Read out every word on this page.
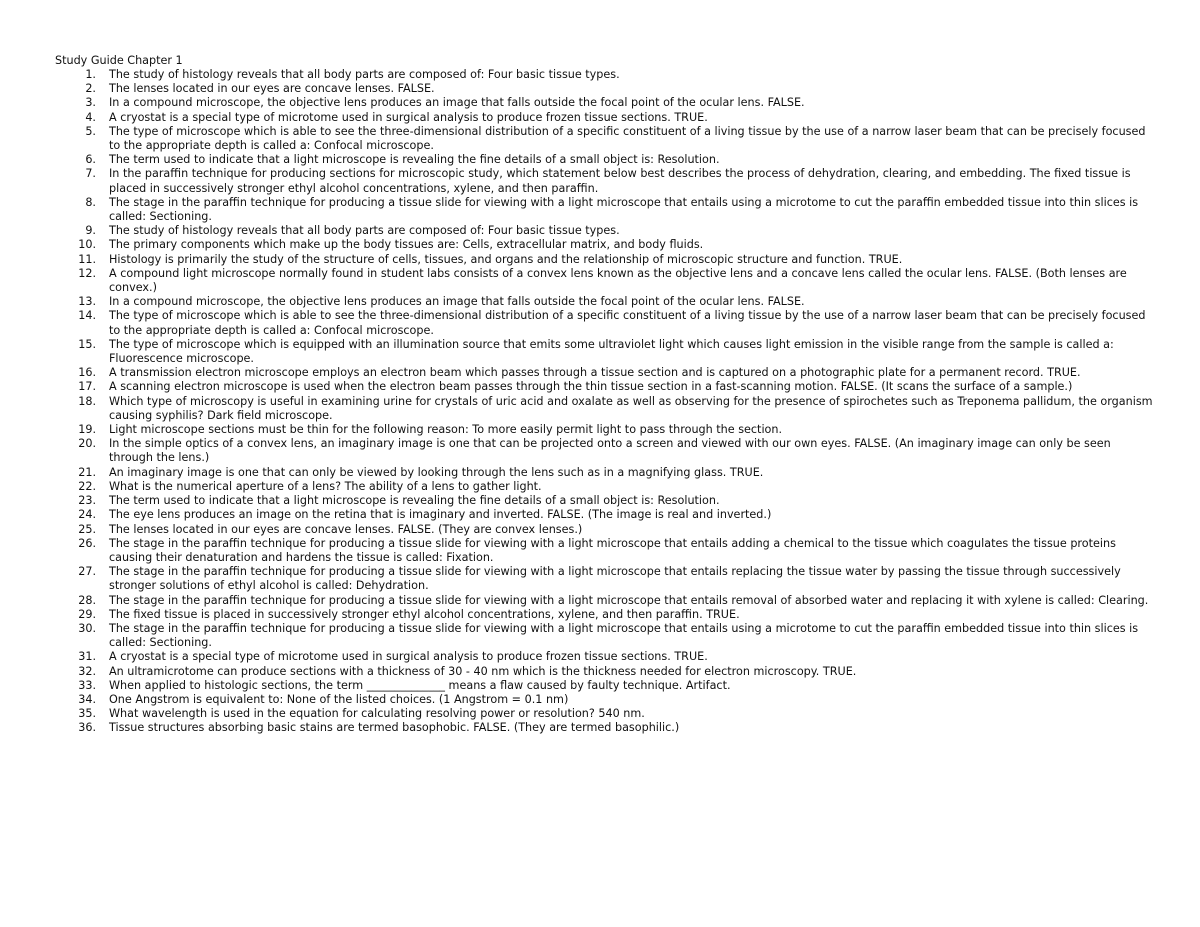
Study Guide Chapter 1
1. The study of histology reveals that all body parts are composed of: Four basic tissue types.
2. The lenses located in our eyes are concave lenses. FALSE.
3. In a compound microscope, the objective lens produces an image that falls outside the focal point of the ocular lens. FALSE.
4. A cryostat is a special type of microtome used in surgical analysis to produce frozen tissue sections. TRUE.
5. The type of microscope which is able to see the three-dimensional distribution of a specific constituent of a living tissue by the use of a narrow laser beam that can be precisely focused to the appropriate depth is called a: Confocal microscope.
6. The term used to indicate that a light microscope is revealing the fine details of a small object is: Resolution.
7. In the paraffin technique for producing sections for microscopic study, which statement below best describes the process of dehydration, clearing, and embedding. The fixed tissue is placed in successively stronger ethyl alcohol concentrations, xylene, and then paraffin.
8. The stage in the paraffin technique for producing a tissue slide for viewing with a light microscope that entails using a microtome to cut the paraffin embedded tissue into thin slices is called: Sectioning.
9. The study of histology reveals that all body parts are composed of: Four basic tissue types.
10. The primary components which make up the body tissues are: Cells, extracellular matrix, and body fluids.
11. Histology is primarily the study of the structure of cells, tissues, and organs and the relationship of microscopic structure and function. TRUE.
12. A compound light microscope normally found in student labs consists of a convex lens known as the objective lens and a concave lens called the ocular lens. FALSE. (Both lenses are convex.)
13. In a compound microscope, the objective lens produces an image that falls outside the focal point of the ocular lens. FALSE.
14. The type of microscope which is able to see the three-dimensional distribution of a specific constituent of a living tissue by the use of a narrow laser beam that can be precisely focused to the appropriate depth is called a: Confocal microscope.
15. The type of microscope which is equipped with an illumination source that emits some ultraviolet light which causes light emission in the visible range from the sample is called a: Fluorescence microscope.
16. A transmission electron microscope employs an electron beam which passes through a tissue section and is captured on a photographic plate for a permanent record. TRUE.
17. A scanning electron microscope is used when the electron beam passes through the thin tissue section in a fast-scanning motion. FALSE. (It scans the surface of a sample.)
18. Which type of microscopy is useful in examining urine for crystals of uric acid and oxalate as well as observing for the presence of spirochetes such as Treponema pallidum, the organism causing syphilis? Dark field microscope.
19. Light microscope sections must be thin for the following reason: To more easily permit light to pass through the section.
20. In the simple optics of a convex lens, an imaginary image is one that can be projected onto a screen and viewed with our own eyes. FALSE. (An imaginary image can only be seen through the lens.)
21. An imaginary image is one that can only be viewed by looking through the lens such as in a magnifying glass. TRUE.
22. What is the numerical aperture of a lens? The ability of a lens to gather light.
23. The term used to indicate that a light microscope is revealing the fine details of a small object is: Resolution.
24. The eye lens produces an image on the retina that is imaginary and inverted. FALSE. (The image is real and inverted.)
25. The lenses located in our eyes are concave lenses. FALSE. (They are convex lenses.)
26. The stage in the paraffin technique for producing a tissue slide for viewing with a light microscope that entails adding a chemical to the tissue which coagulates the tissue proteins causing their denaturation and hardens the tissue is called: Fixation.
27. The stage in the paraffin technique for producing a tissue slide for viewing with a light microscope that entails replacing the tissue water by passing the tissue through successively stronger solutions of ethyl alcohol is called: Dehydration.
28. The stage in the paraffin technique for producing a tissue slide for viewing with a light microscope that entails removal of absorbed water and replacing it with xylene is called: Clearing.
29. The fixed tissue is placed in successively stronger ethyl alcohol concentrations, xylene, and then paraffin. TRUE.
30. The stage in the paraffin technique for producing a tissue slide for viewing with a light microscope that entails using a microtome to cut the paraffin embedded tissue into thin slices is called: Sectioning.
31. A cryostat is a special type of microtome used in surgical analysis to produce frozen tissue sections. TRUE.
32. An ultramicrotome can produce sections with a thickness of 30 - 40 nm which is the thickness needed for electron microscopy. TRUE.
33. When applied to histologic sections, the term ______________ means a flaw caused by faulty technique. Artifact.
34. One Angstrom is equivalent to: None of the listed choices. (1 Angstrom = 0.1 nm)
35. What wavelength is used in the equation for calculating resolving power or resolution? 540 nm.
36. Tissue structures absorbing basic stains are termed basophobic. FALSE. (They are termed basophilic.)
